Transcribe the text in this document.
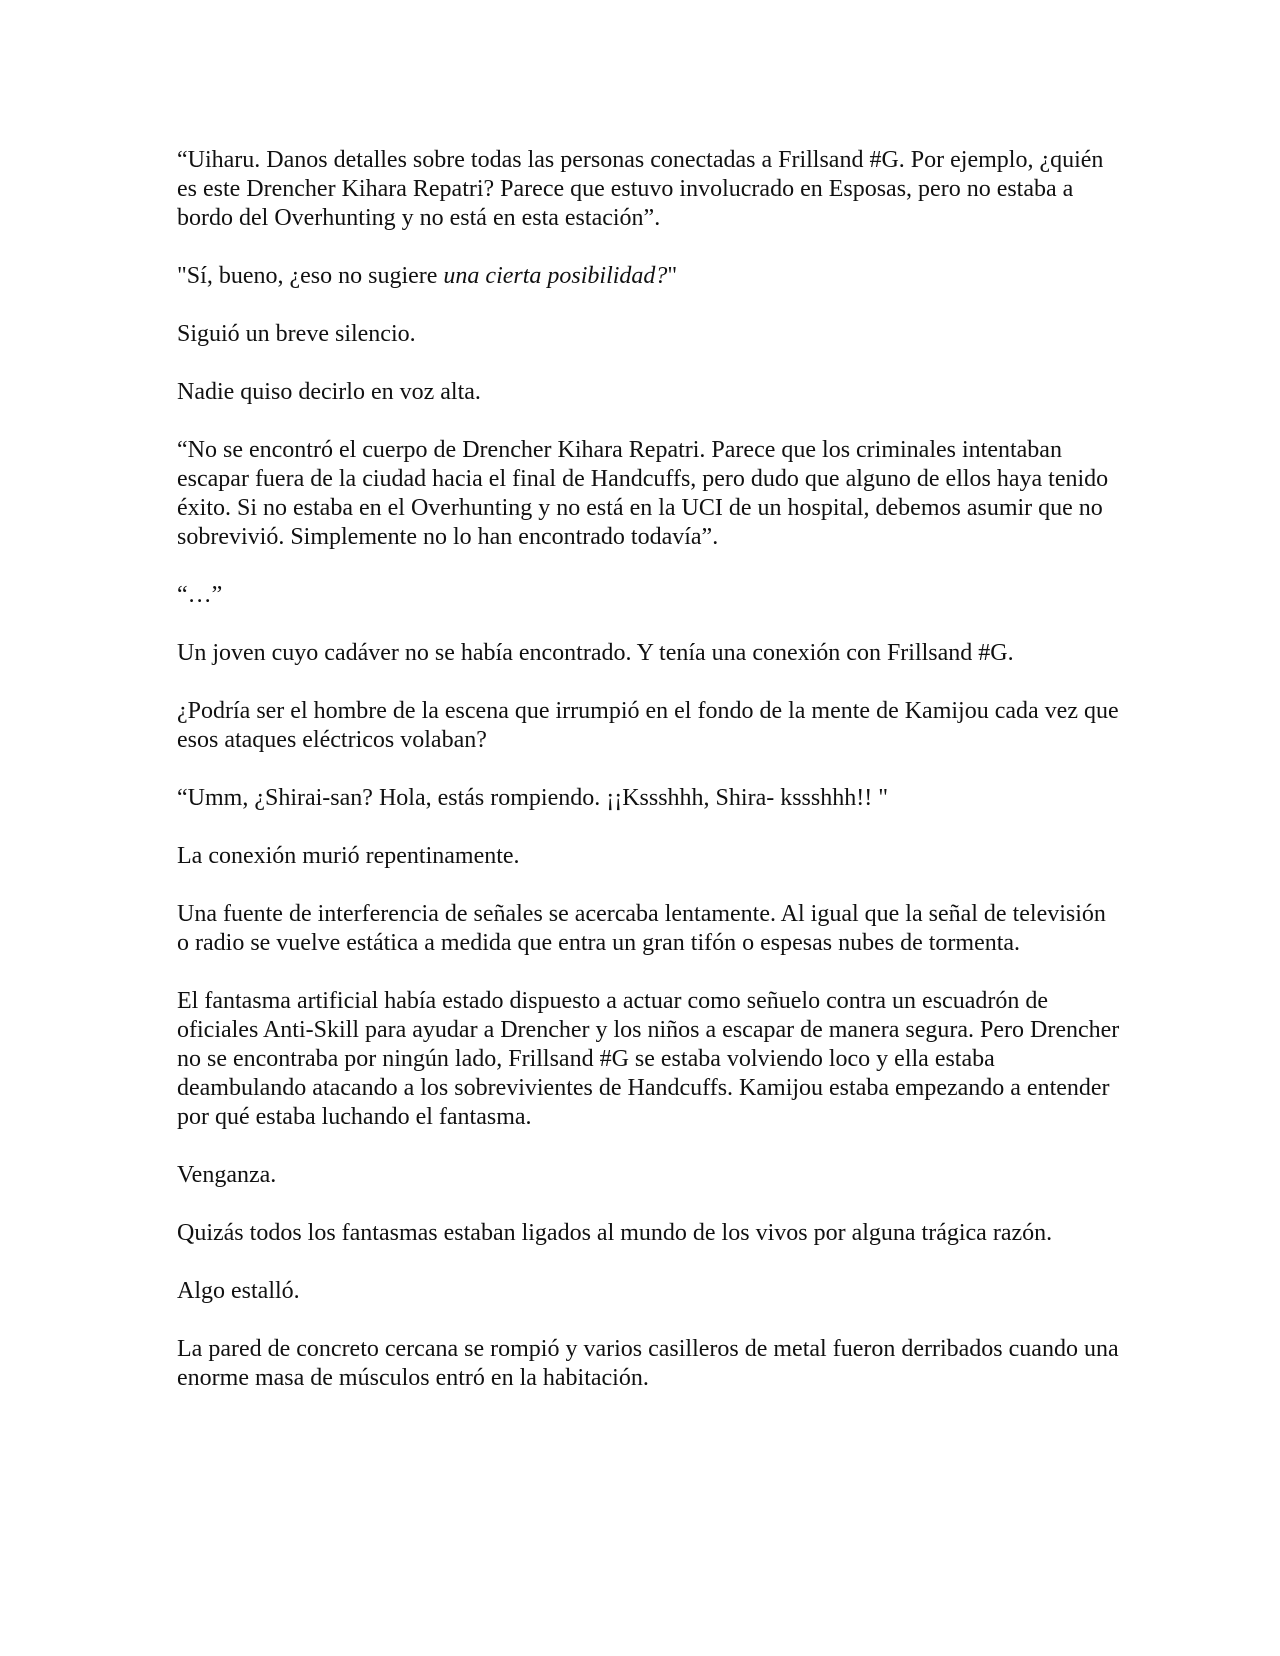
“Uiharu. Danos detalles sobre todas las personas conectadas a Frillsand #G. Por ejemplo, ¿quién es este Drencher Kihara Repatri? Parece que estuvo involucrado en Esposas, pero no estaba a bordo del Overhunting y no está en esta estación”.

"Sí, bueno, ¿eso no sugiere una cierta posibilidad?"

Siguió un breve silencio.

Nadie quiso decirlo en voz alta.

“No se encontró el cuerpo de Drencher Kihara Repatri. Parece que los criminales intentaban escapar fuera de la ciudad hacia el final de Handcuffs, pero dudo que alguno de ellos haya tenido éxito. Si no estaba en el Overhunting y no está en la UCI de un hospital, debemos asumir que no sobrevivió. Simplemente no lo han encontrado todavía”.

“…”

Un joven cuyo cadáver no se había encontrado. Y tenía una conexión con Frillsand #G.

¿Podría ser el hombre de la escena que irrumpió en el fondo de la mente de Kamijou cada vez que esos ataques eléctricos volaban?

“Umm, ¿Shirai-san? Hola, estás rompiendo. ¡¡Kssshhh, Shira- kssshhh!! "

La conexión murió repentinamente.

Una fuente de interferencia de señales se acercaba lentamente. Al igual que la señal de televisión o radio se vuelve estática a medida que entra un gran tifón o espesas nubes de tormenta.

El fantasma artificial había estado dispuesto a actuar como señuelo contra un escuadrón de oficiales Anti-Skill para ayudar a Drencher y los niños a escapar de manera segura. Pero Drencher no se encontraba por ningún lado, Frillsand #G se estaba volviendo loco y ella estaba deambulando atacando a los sobrevivientes de Handcuffs. Kamijou estaba empezando a entender por qué estaba luchando el fantasma.

Venganza.

Quizás todos los fantasmas estaban ligados al mundo de los vivos por alguna trágica razón.

Algo estalló.

La pared de concreto cercana se rompió y varios casilleros de metal fueron derribados cuando una enorme masa de músculos entró en la habitación.
